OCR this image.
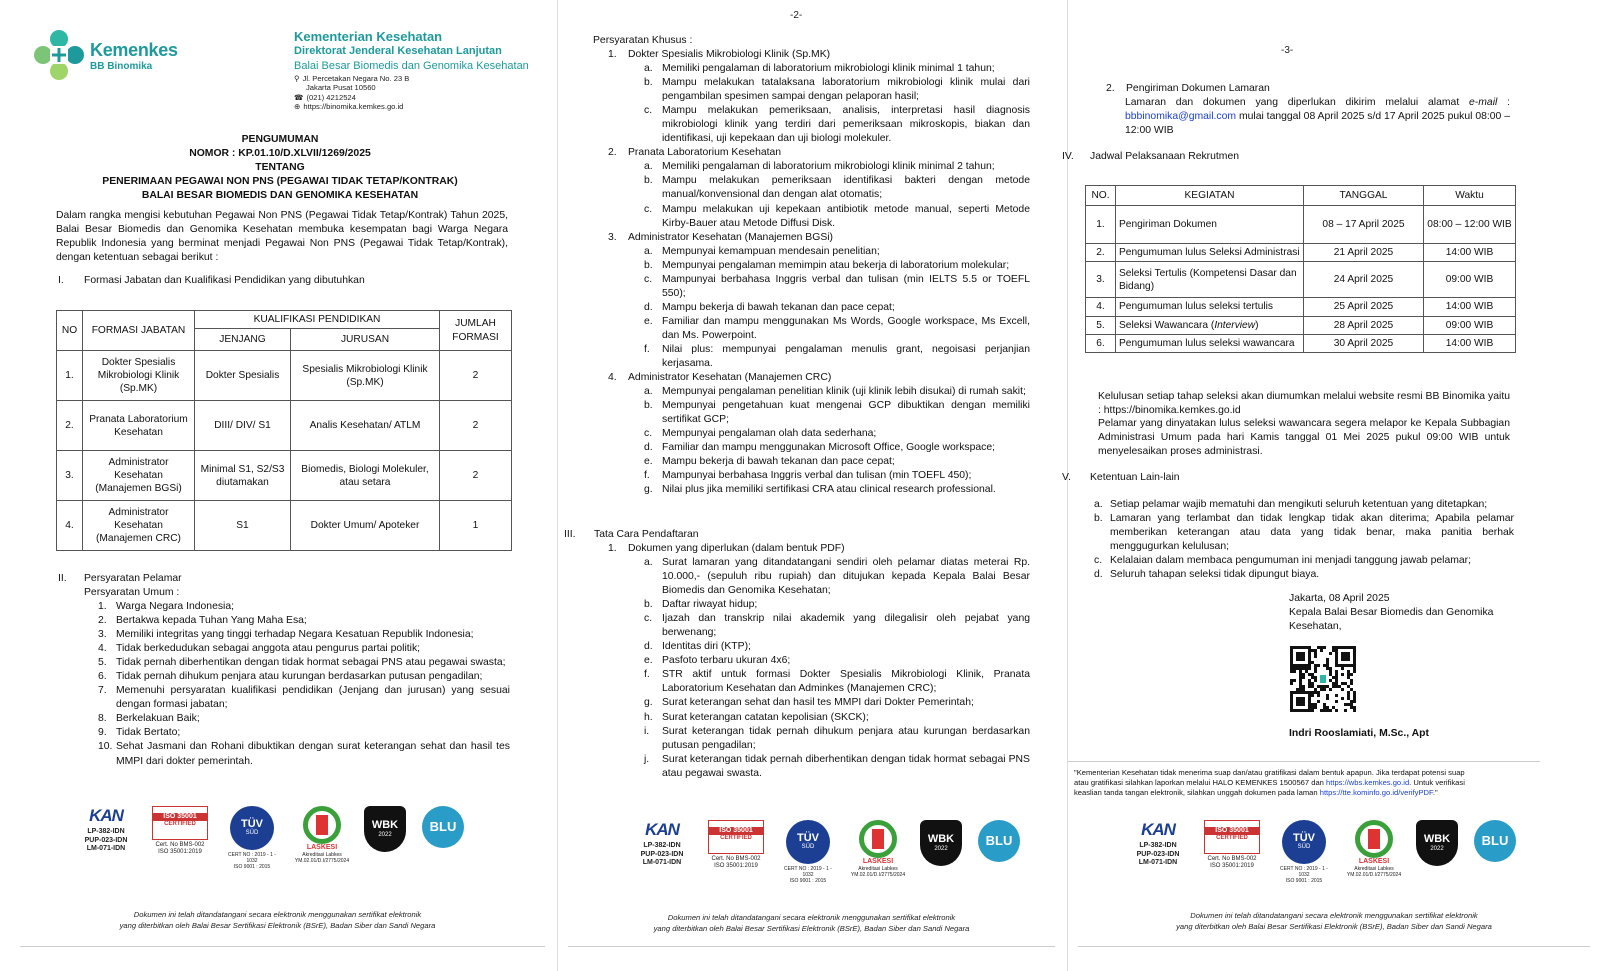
Kemenkes
BB Binomika
Kementerian Kesehatan
Direktorat Jenderal Kesehatan Lanjutan
Balai Besar Biomedis dan Genomika Kesehatan
⚲ Jl. Percetakan Negara No. 23 B
Jakarta Pusat 10560
☎ (021) 4212524
⊕ https://binomika.kemkes.go.id
PENGUMUMAN
NOMOR : KP.01.10/D.XLVII/1269/2025
TENTANG
PENERIMAAN PEGAWAI NON PNS (PEGAWAI TIDAK TETAP/KONTRAK)
BALAI BESAR BIOMEDIS DAN GENOMIKA KESEHATAN
Dalam rangka mengisi kebutuhan Pegawai Non PNS (Pegawai Tidak Tetap/Kontrak) Tahun 2025, Balai Besar Biomedis dan Genomika Kesehatan membuka kesempatan bagi Warga Negara Republik Indonesia yang berminat menjadi Pegawai Non PNS (Pegawai Tidak Tetap/Kontrak), dengan ketentuan sebagai berikut :
I.	Formasi Jabatan dan Kualifikasi Pendidikan yang dibutuhkan
NO	FORMASI JABATAN	KUALIFIKASI PENDIDIKAN		JUMLAH FORMASI
		JENJANG	JURUSAN	
1.	Dokter Spesialis Mikrobiologi Klinik (Sp.MK)	Dokter Spesialis	Spesialis Mikrobiologi Klinik (Sp.MK)	2
2.	Pranata Laboratorium Kesehatan	DIII/ DIV/ S1	Analis Kesehatan/ ATLM	2
3.	Administrator Kesehatan (Manajemen BGSi)	Minimal S1, S2/S3 diutamakan	Biomedis, Biologi Molekuler, atau setara	2
4.	Administrator Kesehatan (Manajemen CRC)	S1	Dokter Umum/ Apoteker	1
II.	Persyaratan Pelamar
Persyaratan Umum :
1. Warga Negara Indonesia;
2. Bertakwa kepada Tuhan Yang Maha Esa;
3. Memiliki integritas yang tinggi terhadap Negara Kesatuan Republik Indonesia;
4. Tidak berkedudukan sebagai anggota atau pengurus partai politik;
5. Tidak pernah diberhentikan dengan tidak hormat sebagai PNS atau pegawai swasta;
6. Tidak pernah dihukum penjara atau kurungan berdasarkan putusan pengadilan;
7. Memenuhi persyaratan kualifikasi pendidikan (Jenjang dan jurusan) yang sesuai dengan formasi jabatan;
8. Berkelakuan Baik;
9. Tidak Bertato;
10. Sehat Jasmani dan Rohani dibuktikan dengan surat keterangan sehat dan hasil tes MMPI dari dokter pemerintah.
KAN
LP-382-IDN
PUP-023-IDN
LM-071-IDN
ISO 35001
CERTIFIED
Cert. No BMS-002
ISO 35001:2019
TÜV
SÜD
CERT NO : 2019 - 1 - 1032
ISO 9001 : 2015
LASKESI
Akreditasi Labkes
YM.02.01/D.I/2775/2024
WBK
2022
BLU
Dokumen ini telah ditandatangani secara elektronik menggunakan sertifikat elektronik
yang diterbitkan oleh Balai Besar Sertifikasi Elektronik (BSrE), Badan Siber dan Sandi Negara
-2-
Persyaratan Khusus :
1.	Dokter Spesialis Mikrobiologi Klinik (Sp.MK)
a. Memiliki pengalaman di laboratorium mikrobiologi klinik minimal 1 tahun;
b. Mampu melakukan tatalaksana laboratorium mikrobiologi klinik mulai dari pengambilan spesimen sampai dengan pelaporan hasil;
c. Mampu melakukan pemeriksaan, analisis, interpretasi hasil diagnosis mikrobiologi klinik yang terdiri dari pemeriksaan mikroskopis, biakan dan identifikasi, uji kepekaan dan uji biologi molekuler.
2.	Pranata Laboratorium Kesehatan
a. Memiliki pengalaman di laboratorium mikrobiologi klinik minimal 2 tahun;
b. Mampu melakukan pemeriksaan identifikasi bakteri dengan metode manual/konvensional dan dengan alat otomatis;
c. Mampu melakukan uji kepekaan antibiotik metode manual, seperti Metode Kirby-Bauer atau Metode Diffusi Disk.
3.	Administrator Kesehatan (Manajemen BGSi)
a. Mempunyai kemampuan mendesain penelitian;
b. Mempunyai pengalaman memimpin atau bekerja di laboratorium molekular;
c. Mampunyai berbahasa Inggris verbal dan tulisan (min IELTS 5.5 or TOEFL 550);
d. Mampu bekerja di bawah tekanan dan pace cepat;
e. Familiar dan mampu menggunakan Ms Words, Google workspace, Ms Excell, dan Ms. Powerpoint.
f.	Nilai plus: mempunyai pengalaman menulis grant, negoisasi perjanjian kerjasama.
4.	Administrator Kesehatan (Manajemen CRC)
a. Mempunyai pengalaman penelitian klinik (uji klinik lebih disukai) di rumah sakit;
b. Mempunyai pengetahuan kuat mengenai GCP dibuktikan dengan memiliki sertifikat GCP;
c. Mempunyai pengalaman olah data sederhana;
d. Familiar dan mampu menggunakan Microsoft Office, Google workspace;
e. Mampu bekerja di bawah tekanan dan pace cepat;
f.	Mampunyai berbahasa Inggris verbal dan tulisan (min TOEFL 450);
g. Nilai plus jika memiliki sertifikasi CRA atau clinical research professional.
III.	Tata Cara Pendaftaran
1.	Dokumen yang diperlukan (dalam bentuk PDF)
a. Surat lamaran yang ditandatangani sendiri oleh pelamar diatas meterai Rp. 10.000,- (sepuluh ribu rupiah) dan ditujukan kepada Kepala Balai Besar Biomedis dan Genomika Kesehatan;
b. Daftar riwayat hidup;
c. Ijazah dan transkrip nilai akademik yang dilegalisir oleh pejabat yang berwenang;
d. Identitas diri (KTP);
e. Pasfoto terbaru ukuran 4x6;
f.	STR aktif untuk formasi Dokter Spesialis Mikrobiologi Klinik, Pranata Laboratorium Kesehatan dan Adminkes (Manajemen CRC);
g. Surat keterangan sehat dan hasil tes MMPI dari Dokter Pemerintah;
h. Surat keterangan catatan kepolisian (SKCK);
i.	Surat keterangan tidak pernah dihukum penjara atau kurungan berdasarkan putusan pengadilan;
j.	Surat keterangan tidak pernah diberhentikan dengan tidak hormat sebagai PNS atau pegawai swasta.
KAN
LP-382-IDN
PUP-023-IDN
LM-071-IDN
ISO 35001
CERTIFIED
Cert. No BMS-002
ISO 35001:2019
TÜV
SÜD
CERT NO : 2019 - 1 - 1032
ISO 9001 : 2015
LASKESI
Akreditasi Labkes
YM.02.01/D.I/2775/2024
WBK
2022
BLU
Dokumen ini telah ditandatangani secara elektronik menggunakan sertifikat elektronik
yang diterbitkan oleh Balai Besar Sertifikasi Elektronik (BSrE), Badan Siber dan Sandi Negara
-3-
2.	Pengiriman Dokumen Lamaran
Lamaran dan dokumen yang diperlukan dikirim melalui alamat e-mail : bbbinomika@gmail.com mulai tanggal 08 April 2025 s/d 17 April 2025 pukul 08:00 – 12:00 WIB
IV.	Jadwal Pelaksanaan Rekrutmen
NO.	KEGIATAN	TANGGAL	Waktu
1.	Pengiriman Dokumen	08 – 17 April 2025	08:00 – 12:00 WIB
2.	Pengumuman lulus Seleksi Administrasi	21 April 2025	14:00 WIB
3.	Seleksi Tertulis (Kompetensi Dasar dan Bidang)	24 April 2025	09:00 WIB
4.	Pengumuman lulus seleksi tertulis	25 April 2025	14:00 WIB
5.	Seleksi Wawancara (Interview)	28 April 2025	09:00 WIB
6.	Pengumuman lulus seleksi wawancara	30 April 2025	14:00 WIB
Kelulusan setiap tahap seleksi akan diumumkan melalui website resmi BB Binomika yaitu : https://binomika.kemkes.go.id
Pelamar yang dinyatakan lulus seleksi wawancara segera melapor ke Kepala Subbagian Administrasi Umum pada hari Kamis tanggal 01 Mei 2025 pukul 09:00 WIB untuk menyelesaikan proses administrasi.
V.	Ketentuan Lain-lain
a. Setiap pelamar wajib mematuhi dan mengikuti seluruh ketentuan yang ditetapkan;
b. Lamaran yang terlambat dan tidak lengkap tidak akan diterima; Apabila pelamar memberikan keterangan atau data yang tidak benar, maka panitia berhak menggugurkan kelulusan;
c. Kelalaian dalam membaca pengumuman ini menjadi tanggung jawab pelamar;
d. Seluruh tahapan seleksi tidak dipungut biaya.
Jakarta, 08 April 2025
Kepala Balai Besar Biomedis dan Genomika Kesehatan,
Indri Rooslamiati, M.Sc., Apt
"Kementerian Kesehatan tidak menerima suap dan/atau gratifikasi dalam bentuk apapun. Jika terdapat potensi suap atau gratifikasi silahkan laporkan melalui HALO KEMENKES 1500567 dan https://wbs.kemkes.go.id. Untuk verifikasi keaslian tanda tangan elektronik, silahkan unggah dokumen pada laman https://tte.kominfo.go.id/verifyPDF."
KAN
LP-382-IDN
PUP-023-IDN
LM-071-IDN
ISO 35001
CERTIFIED
Cert. No BMS-002
ISO 35001:2019
TÜV
SÜD
CERT NO : 2019 - 1 - 1032
ISO 9001 : 2015
LASKESI
Akreditasi Labkes
YM.02.01/D.I/2775/2024
WBK
2022
BLU
Dokumen ini telah ditandatangani secara elektronik menggunakan sertifikat elektronik
yang diterbitkan oleh Balai Besar Sertifikasi Elektronik (BSrE), Badan Siber dan Sandi Negara
